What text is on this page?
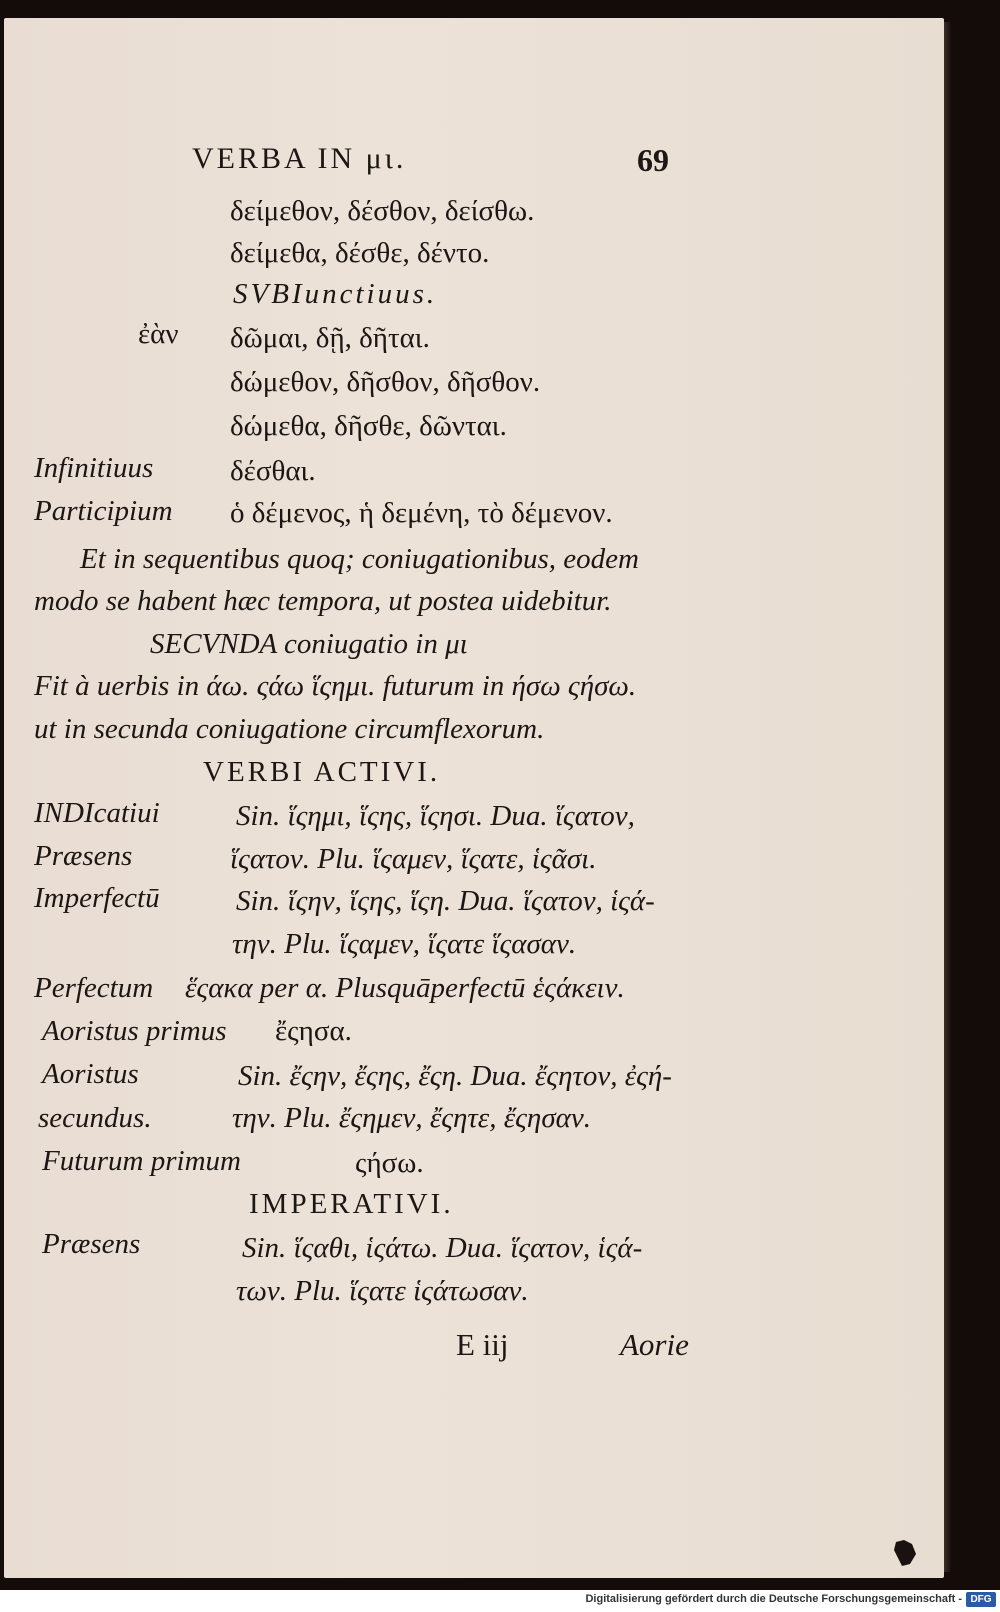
VERBA IN μι.	69
δείμεθον, δέσθον, δείσθω.
δείμεθα, δέσθε, δέντο.
SVBIunctiuus.
ἐὰν δῶμαι, δῇ, δῆται.
δώμεθον, δῆσθον, δῆσθον.
δώμεθα, δῆσθε, δῶνται.
Infinitiuus	δέσθαι.
Participium ὁ δέμενος, ἡ δεμένη, τὸ δέμενον.
Et in sequentibus quoq; coniugationibus, eodem
modo se habent hæc tempora, ut postea uidebitur.
SECVNDA coniugatio in μι
Fit à uerbis in άω. ςάω ἵςημι. futurum in ήσω ςήσω.
ut in secunda coniugatione circumflexorum.
VERBI ACTIVI.
INDIcatiui	Sin. ἵςημι, ἵςης, ἵςησι. Dua. ἵςατον,
Præsens	ἵςατον. Plu. ἵςαμεν, ἵςατε, ἱςᾶσι.
Imperfectū	Sin. ἵςην, ἵςης, ἵςη. Dua. ἵςατον, ἱςά-
την. Plu. ἵςαμεν, ἵςατε ἵςασαν.
Perfectum ἕςακα per α. Plusquāperfectū ἑςάκειν.
Aoristus primus ἔςησα.
Aoristus	Sin. ἔςην, ἔςης, ἔςη. Dua. ἔςητον, ἐςή-
secundus.	την. Plu. ἔςημεν, ἔςητε, ἔςησαν.
Futurum primum	ςήσω.
IMPERATIVI.
Præsens	Sin. ἵςαθι, ἱςάτω. Dua. ἵςατον, ἱςά-
των. Plu. ἵςατε ἱςάτωσαν.
E iij	Aorie
Digitalisierung gefördert durch die Deutsche Forschungsgemeinschaft - DFG
